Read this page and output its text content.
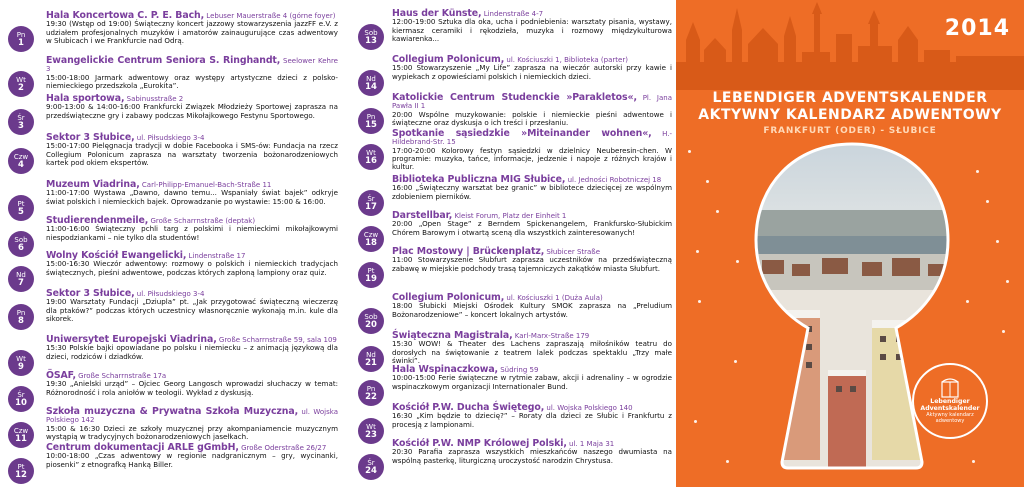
Pn
1
Hala Koncertowa C. P. E. Bach, Lebuser Mauerstraße 4 (górne foyer)
19:30 (Wstęp od 19:00) Świąteczny koncert jazzowy stowarzyszenia jazzFF e.V. z udziałem profesjonalnych muzyków i amatorów zainaugurujące czas adwentowy w Słubicach i we Frankfurcie nad Odrą.
Wt
2
Ewangelickie Centrum Seniora S. Ringhandt, Seelower Kehre 3
15:00-18:00 Jarmark adwentowy oraz występy artystyczne dzieci z polsko-niemieckiego przedszkola „Eurokita”.
Śr
3
Hala sportowa, Sabinusstraße 2
9:00-13:00 & 14:00-16:00 Frankfurcki Związek Młodzieży Sportowej zaprasza na przedświąteczne gry i zabawy podczas Mikołajkowego Festynu Sportowego.
Czw
4
Sektor 3 Słubice, ul. Piłsudskiego 3-4
15:00-17:00 Pielęgnacja tradycji w dobie Facebooka i SMS-ów: Fundacja na rzecz Collegium Polonicum zaprasza na warsztaty tworzenia bożonarodzeniowych kartek pod okiem ekspertów.
Pt
5
Muzeum Viadrina, Carl-Philipp-Emanuel-Bach-Straße 11
11:00-17:00 Wystawa „Dawno, dawno temu... Wspaniały świat bajek” odkryje świat polskich i niemieckich bajek. Oprowadzanie po wystawie: 15:00 & 16:00.
Sob
6
Studierendenmeile, Große Scharrnstraße (deptak)
11:00-16:00 Świąteczny pchli targ z polskimi i niemieckimi mikołajkowymi niespodziankami – nie tylko dla studentów!
Nd
7
Wolny Kościół Ewangelicki, Lindenstraße 17
15:00-16:30 Wieczór adwentowy: rozmowy o polskich i niemieckich tradycjach świątecznych, pieśni adwentowe, podczas których zapłoną lampiony oraz quiz.
Pn
8
Sektor 3 Słubice, ul. Piłsudskiego 3-4
19:00 Warsztaty Fundacji „Dziupla” pt. „Jak przygotować świąteczną wieczerzę dla ptaków?” podczas których uczestnicy własnoręcznie wykonają m.in. kule dla sikorek.
Wt
9
Uniwersytet Europejski Viadrina, Große Scharrnstraße 59, sala 109
15:30 Polskie bajki opowiadane po polsku i niemiecku – z animacją językową dla dzieci, rodziców i dziadków.
Śr
10
ÖSAF, Große Scharrnstraße 17a
19:30 „Anielski urząd” – Ojciec Georg Langosch wprowadzi słuchaczy w temat: Różnorodność i rola aniołów w teologii. Wykład z dyskusją.
Czw
11
Szkoła muzyczna & Prywatna Szkoła Muzyczna, ul. Wojska Polskiego 142
15:00 & 16:30 Dzieci ze szkoły muzycznej przy akompaniamencie muzycznym wystąpią w tradycyjnych bożonarodzeniowych jasełkach.
Pt
12
Centrum dokumentacji ARLE gGmbH, Große Oderstraße 26/27
10:00-18:00 „Czas adwentowy w regionie nadgranicznym – gry, wycinanki, piosenki” z etnografką Hanką Biller.
Sob
13
Haus der Künste, Lindenstraße 4-7
12:00-19:00 Sztuka dla oka, ucha i podniebienia: warsztaty pisania, wystawy, kiermasz ceramiki i rękodzieła, muzyka i rozmowy międzykulturowa kawiarenka...
Nd
14
Collegium Polonicum, ul. Kościuszki 1, Biblioteka (parter)
15:00 Stowarzyszenie „My Life” zaprasza na wieczór autorski przy kawie i wypiekach z opowieściami polskich i niemieckich dzieci.
Pn
15
Katolickie Centrum Studenckie »Parakletos«, Pl. Jana Pawła II 1
20:00 Wspólne muzykowanie: polskie i niemieckie pieśni adwentowe i świąteczne oraz dyskusja o ich treści i przesłaniu.
Wt
16
Spotkanie sąsiedzkie »Miteinander wohnen«, H.-Hildebrand-Str. 15
17:00-20:00 Kolorowy festyn sąsiedzki w dzielnicy Neuberesin-chen. W programie: muzyka, tańce, informacje, jedzenie i napoje z różnych krajów i kultur.
Śr
17
Biblioteka Publiczna MIG Słubice, ul. Jedności Robotniczej 18
16:00 „Świąteczny warsztat bez granic” w bibliotece dziecięcej ze wspólnym zdobieniem pierników.
Czw
18
Darstellbar, Kleist Forum, Platz der Einheit 1
20:00 „Open Stage” z Berndem Spickenangelem, Frankfursko-Słubickim Chórem Barowym i otwartą sceną dla wszystkich zainteresowanych!
Pt
19
Plac Mostowy | Brückenplatz, Słubicer Straße
11:00 Stowarzyszenie Słubfurt zaprasza uczestników na przedświąteczną zabawę w miejskie podchody trasą tajemniczych zakątków miasta Słubfurt.
Sob
20
Collegium Polonicum, ul. Kościuszki 1 (Duża Aula)
18:00 Słubicki Miejski Ośrodek Kultury SMOK zaprasza na „Preludium Bożonarodzeniowe” – koncert lokalnych artystów.
Nd
21
Świąteczna Magistrala, Karl-Marx-Straße 179
15:30 WOW! & Theater des Lachens zapraszają miłośników teatru do dorosłych na świętowanie z teatrem lalek podczas spektaklu „Trzy małe świnki”.
Pn
22
Hala Wspinaczkowa, Südring 59
10:00-15:00 Ferie świąteczne w rytmie zabaw, akcji i adrenaliny – w ogrodzie wspinaczkowym organizacji Internationaler Bund.
Wt
23
Kościół P.W. Ducha Świętego, ul. Wojska Polskiego 140
16:30 „Kim będzie to dziecię?” – Roraty dla dzieci ze Słubic i Frankfurtu z procesją z lampionami.
Śr
24
Kościół P.W. NMP Królowej Polski, ul. 1 Maja 31
20:30 Parafia zaprasza wszystkich mieszkańców naszego dwumiasta na wspólną pasterkę, liturgiczną uroczystość narodzin Chrystusa.
2014
LEBENDIGER ADVENTSKALENDER
AKTYWNY KALENDARZ ADWENTOWY
FRANKFURT (ODER) - SŁUBICE
Lebendiger
Adventskalender
Aktywny kalendarz
adwentowy
